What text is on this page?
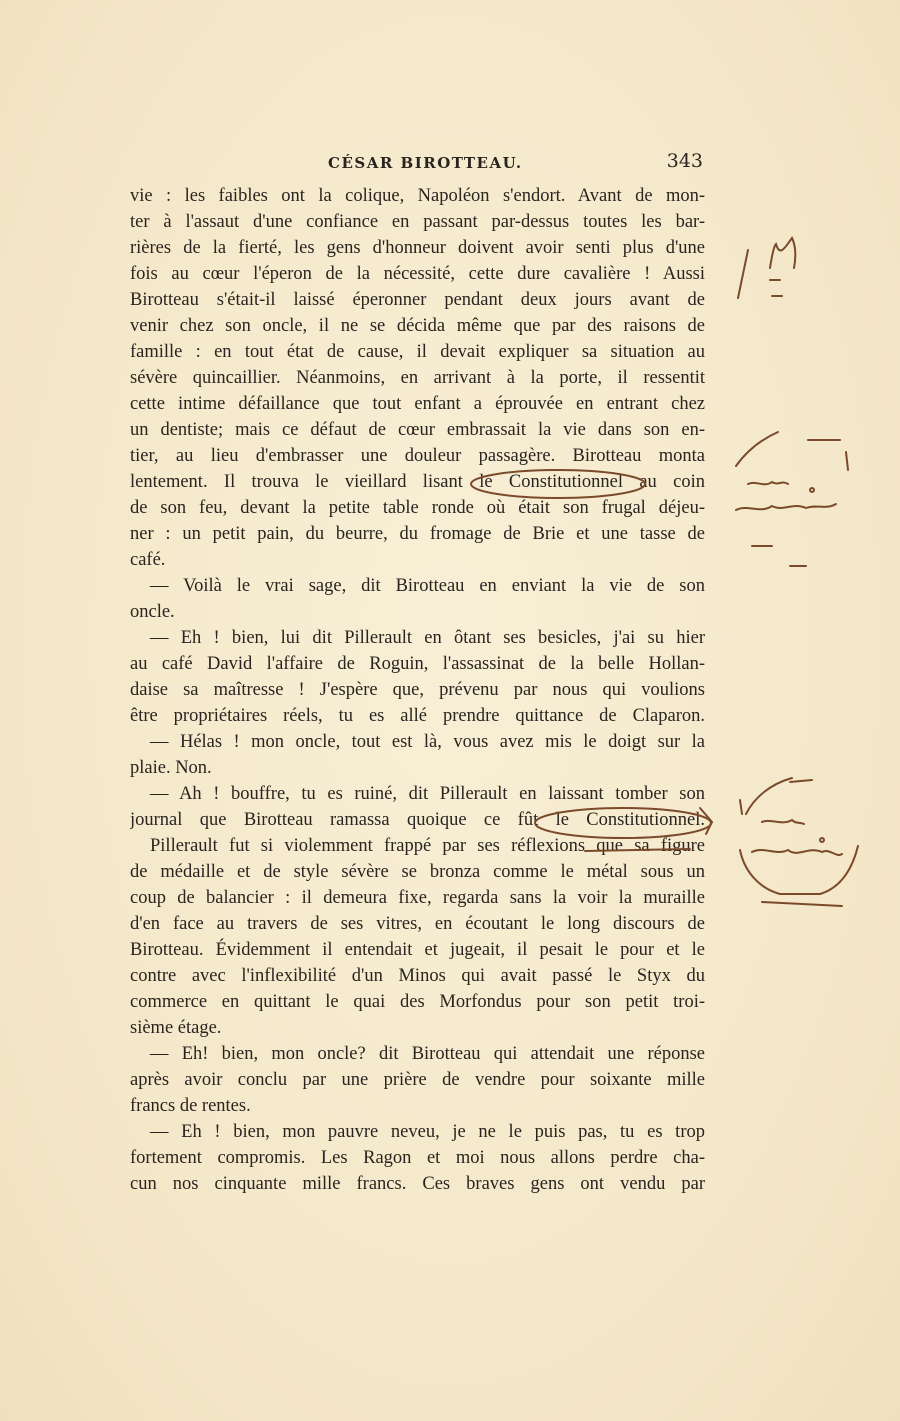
CÉSAR BIROTTEAU.	343
vie : les faibles ont la colique, Napoléon s'endort. Avant de mon-
ter à l'assaut d'une confiance en passant par-dessus toutes les bar-
rières de la fierté, les gens d'honneur doivent avoir senti plus d'une
fois au cœur l'éperon de la nécessité, cette dure cavalière ! Aussi
Birotteau s'était-il laissé éperonner pendant deux jours avant de
venir chez son oncle, il ne se décida même que par des raisons de
famille : en tout état de cause, il devait expliquer sa situation au
sévère quincaillier. Néanmoins, en arrivant à la porte, il ressentit
cette intime défaillance que tout enfant a éprouvée en entrant chez
un dentiste; mais ce défaut de cœur embrassait la vie dans son en-
tier, au lieu d'embrasser une douleur passagère. Birotteau monta
lentement. Il trouva le vieillard lisant le Constitutionnel au coin
de son feu, devant la petite table ronde où était son frugal déjeu-
ner : un petit pain, du beurre, du fromage de Brie et une tasse de
café.
— Voilà le vrai sage, dit Birotteau en enviant la vie de son
oncle.
— Eh ! bien, lui dit Pillerault en ôtant ses besicles, j'ai su hier
au café David l'affaire de Roguin, l'assassinat de la belle Hollan-
daise sa maîtresse ! J'espère que, prévenu par nous qui voulions
être propriétaires réels, tu es allé prendre quittance de Claparon.
— Hélas ! mon oncle, tout est là, vous avez mis le doigt sur la
plaie. Non.
— Ah ! bouffre, tu es ruiné, dit Pillerault en laissant tomber son
journal que Birotteau ramassa quoique ce fût le Constitutionnel.
Pillerault fut si violemment frappé par ses réflexions que sa figure
de médaille et de style sévère se bronza comme le métal sous un
coup de balancier : il demeura fixe, regarda sans la voir la muraille
d'en face au travers de ses vitres, en écoutant le long discours de
Birotteau. Évidemment il entendait et jugeait, il pesait le pour et le
contre avec l'inflexibilité d'un Minos qui avait passé le Styx du
commerce en quittant le quai des Morfondus pour son petit troi-
sième étage.
— Eh! bien, mon oncle? dit Birotteau qui attendait une réponse
après avoir conclu par une prière de vendre pour soixante mille
francs de rentes.
— Eh ! bien, mon pauvre neveu, je ne le puis pas, tu es trop
fortement compromis. Les Ragon et moi nous allons perdre cha-
cun nos cinquante mille francs. Ces braves gens ont vendu par
